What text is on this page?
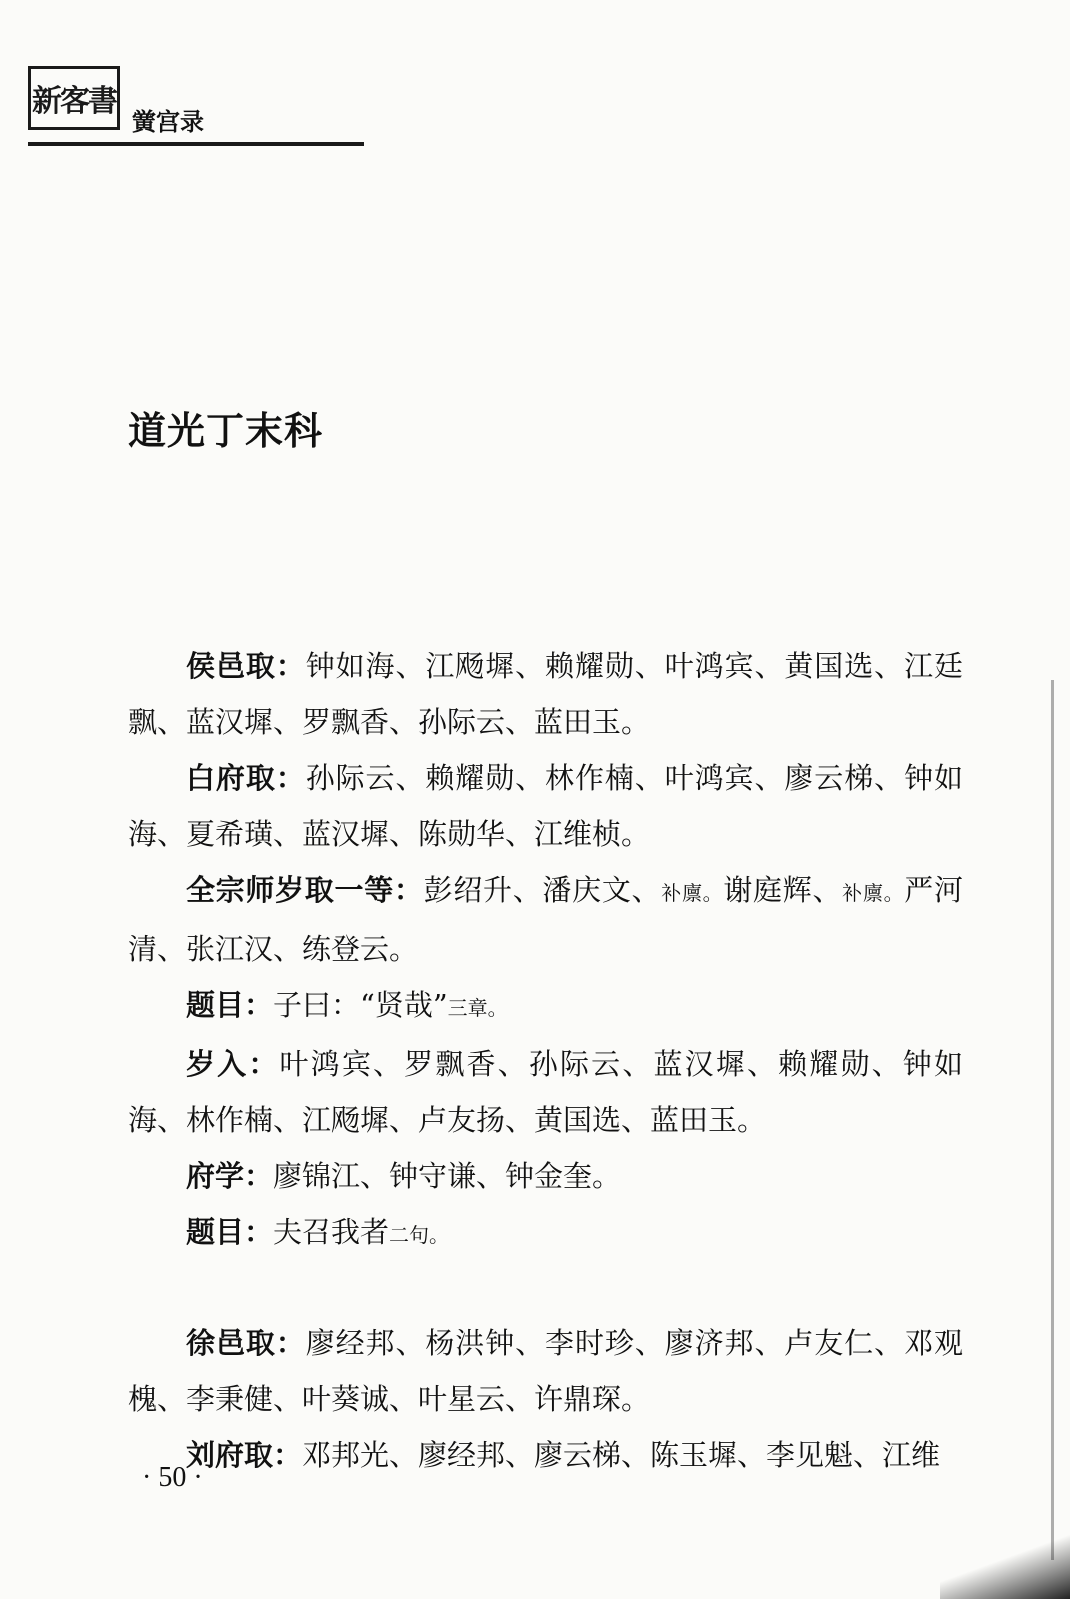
新客書
黉宫录
道光丁末科

侯邑取：钟如海、江飏墀、赖耀勋、叶鸿宾、黄国选、江廷飘、蓝汉墀、罗飘香、孙际云、蓝田玉。

白府取：孙际云、赖耀勋、林作楠、叶鸿宾、廖云梯、钟如海、夏希璜、蓝汉墀、陈勋华、江维桢。

全宗师岁取一等：彭绍升、潘庆文、补廪。谢庭辉、补廪。严河清、张江汉、练登云。

题目：子曰：“贤哉”三章。

岁入：叶鸿宾、罗飘香、孙际云、蓝汉墀、赖耀勋、钟如海、林作楠、江飏墀、卢友扬、黄国选、蓝田玉。

府学：廖锦江、钟守谦、钟金奎。

题目：夫召我者二句。

徐邑取：廖经邦、杨洪钟、李时珍、廖济邦、卢友仁、邓观槐、李秉健、叶葵诚、叶星云、许鼎琛。

刘府取：邓邦光、廖经邦、廖云梯、陈玉墀、李见魁、江维

· 50 ·
